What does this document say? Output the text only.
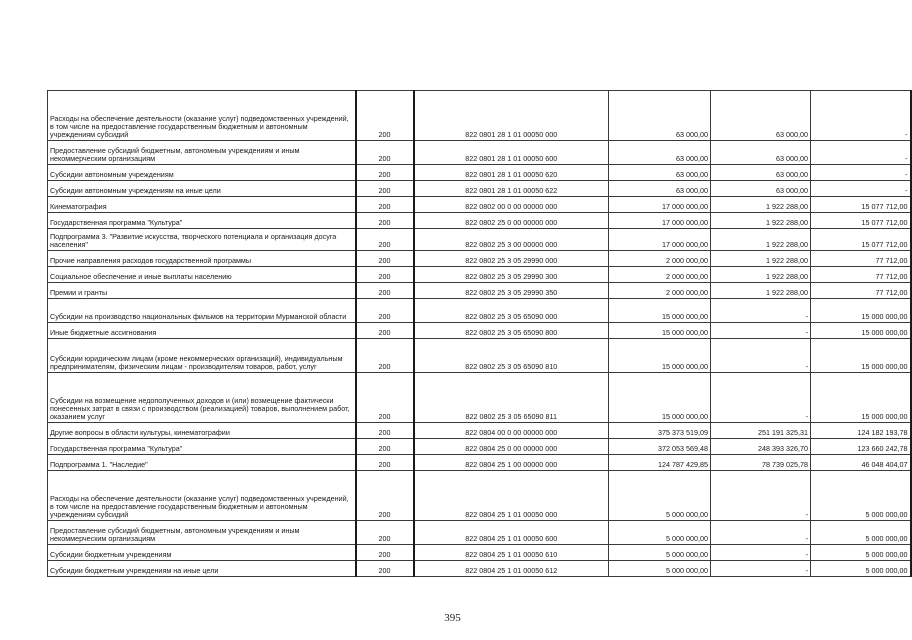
Расходы на обеспечение деятельности (оказание услуг) подведомственных учреждений, в том числе на предоставление государственным бюджетным и автономным учреждениям субсидий	200	822 0801 28 1 01 00050 000	63 000,00	63 000,00	-
Предоставление субсидий бюджетным, автономным учреждениям и иным некоммерческим организациям	200	822 0801 28 1 01 00050 600	63 000,00	63 000,00	-
Субсидии автономным учреждениям	200	822 0801 28 1 01 00050 620	63 000,00	63 000,00	-
Субсидии автономным учреждениям на иные цели	200	822 0801 28 1 01 00050 622	63 000,00	63 000,00	-
Кинематография	200	822 0802 00 0 00 00000 000	17 000 000,00	1 922 288,00	15 077 712,00
Государственная программа "Культура"	200	822 0802 25 0 00 00000 000	17 000 000,00	1 922 288,00	15 077 712,00
Подпрограмма 3. "Развитие искусства, творческого потенциала и организация досуга населения"	200	822 0802 25 3 00 00000 000	17 000 000,00	1 922 288,00	15 077 712,00
Прочие направления расходов государственной программы	200	822 0802 25 3 05 29990 000	2 000 000,00	1 922 288,00	77 712,00
Социальное обеспечение и иные выплаты населению	200	822 0802 25 3 05 29990 300	2 000 000,00	1 922 288,00	77 712,00
Премии и гранты	200	822 0802 25 3 05 29990 350	2 000 000,00	1 922 288,00	77 712,00
Субсидии на производство национальных фильмов на территории Мурманской области	200	822 0802 25 3 05 65090 000	15 000 000,00	-	15 000 000,00
Иные бюджетные ассигнования	200	822 0802 25 3 05 65090 800	15 000 000,00	-	15 000 000,00
Субсидии юридическим лицам (кроме некоммерческих организаций), индивидуальным предпринимателям, физическим лицам - производителям товаров, работ, услуг	200	822 0802 25 3 05 65090 810	15 000 000,00	-	15 000 000,00
Субсидии на возмещение недополученных доходов и (или) возмещение фактически понесенных затрат в связи с производством (реализацией) товаров, выполнением работ, оказанием услуг	200	822 0802 25 3 05 65090 811	15 000 000,00	-	15 000 000,00
Другие вопросы в области культуры, кинематографии	200	822 0804 00 0 00 00000 000	375 373 519,09	251 191 325,31	124 182 193,78
Государственная программа "Культура"	200	822 0804 25 0 00 00000 000	372 053 569,48	248 393 326,70	123 660 242,78
Подпрограмма 1. "Наследие"	200	822 0804 25 1 00 00000 000	124 787 429,85	78 739 025,78	46 048 404,07
Расходы на обеспечение деятельности (оказание услуг) подведомственных учреждений, в том числе на предоставление государственным бюджетным и автономным учреждениям субсидий	200	822 0804 25 1 01 00050 000	5 000 000,00	-	5 000 000,00
Предоставление субсидий бюджетным, автономным учреждениям и иным некоммерческим организациям	200	822 0804 25 1 01 00050 600	5 000 000,00	-	5 000 000,00
Субсидии бюджетным учреждениям	200	822 0804 25 1 01 00050 610	5 000 000,00	-	5 000 000,00
Субсидии бюджетным учреждениям на иные цели	200	822 0804 25 1 01 00050 612	5 000 000,00	-	5 000 000,00
395
